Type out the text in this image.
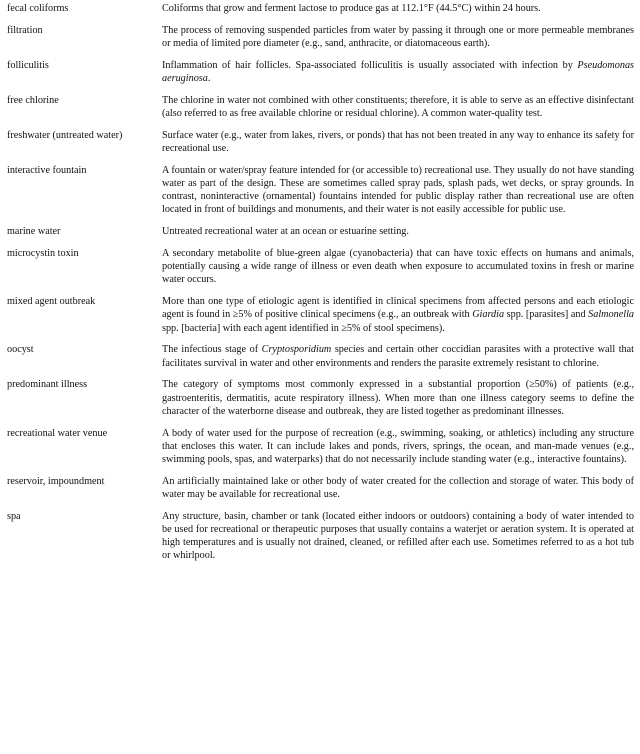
fecal coliforms	Coliforms that grow and ferment lactose to produce gas at 112.1°F (44.5°C) within 24 hours.
filtration	The process of removing suspended particles from water by passing it through one or more permeable membranes or media of limited pore diameter (e.g., sand, anthracite, or diatomaceous earth).
folliculitis	Inflammation of hair follicles. Spa-associated folliculitis is usually associated with infection by Pseudomonas aeruginosa.
free chlorine	The chlorine in water not combined with other constituents; therefore, it is able to serve as an effective disinfectant (also referred to as free available chlorine or residual chlorine). A common water-quality test.
freshwater (untreated water)	Surface water (e.g., water from lakes, rivers, or ponds) that has not been treated in any way to enhance its safety for recreational use.
interactive fountain	A fountain or water/spray feature intended for (or accessible to) recreational use. They usually do not have standing water as part of the design. These are sometimes called spray pads, splash pads, wet decks, or spray grounds. In contrast, noninteractive (ornamental) fountains intended for public display rather than recreational use are often located in front of buildings and monuments, and their water is not easily accessible for public use.
marine water	Untreated recreational water at an ocean or estuarine setting.
microcystin toxin	A secondary metabolite of blue-green algae (cyanobacteria) that can have toxic effects on humans and animals, potentially causing a wide range of illness or even death when exposure to accumulated toxins in fresh or marine water occurs.
mixed agent outbreak	More than one type of etiologic agent is identified in clinical specimens from affected persons and each etiologic agent is found in ≥5% of positive clinical specimens (e.g., an outbreak with Giardia spp. [parasites] and Salmonella spp. [bacteria] with each agent identified in ≥5% of stool specimens).
oocyst	The infectious stage of Cryptosporidium species and certain other coccidian parasites with a protective wall that facilitates survival in water and other environments and renders the parasite extremely resistant to chlorine.
predominant illness	The category of symptoms most commonly expressed in a substantial proportion (≥50%) of patients (e.g., gastroenteritis, dermatitis, acute respiratory illness). When more than one illness category seems to define the character of the waterborne disease and outbreak, they are listed together as predominant illnesses.
recreational water venue	A body of water used for the purpose of recreation (e.g., swimming, soaking, or athletics) including any structure that encloses this water. It can include lakes and ponds, rivers, springs, the ocean, and man-made venues (e.g., swimming pools, spas, and waterparks) that do not necessarily include standing water (e.g., interactive fountains).
reservoir, impoundment	An artificially maintained lake or other body of water created for the collection and storage of water. This body of water may be available for recreational use.
spa	Any structure, basin, chamber or tank (located either indoors or outdoors) containing a body of water intended to be used for recreational or therapeutic purposes that usually contains a waterjet or aeration system. It is operated at high temperatures and is usually not drained, cleaned, or refilled after each use. Sometimes referred to as a hot tub or whirlpool.
